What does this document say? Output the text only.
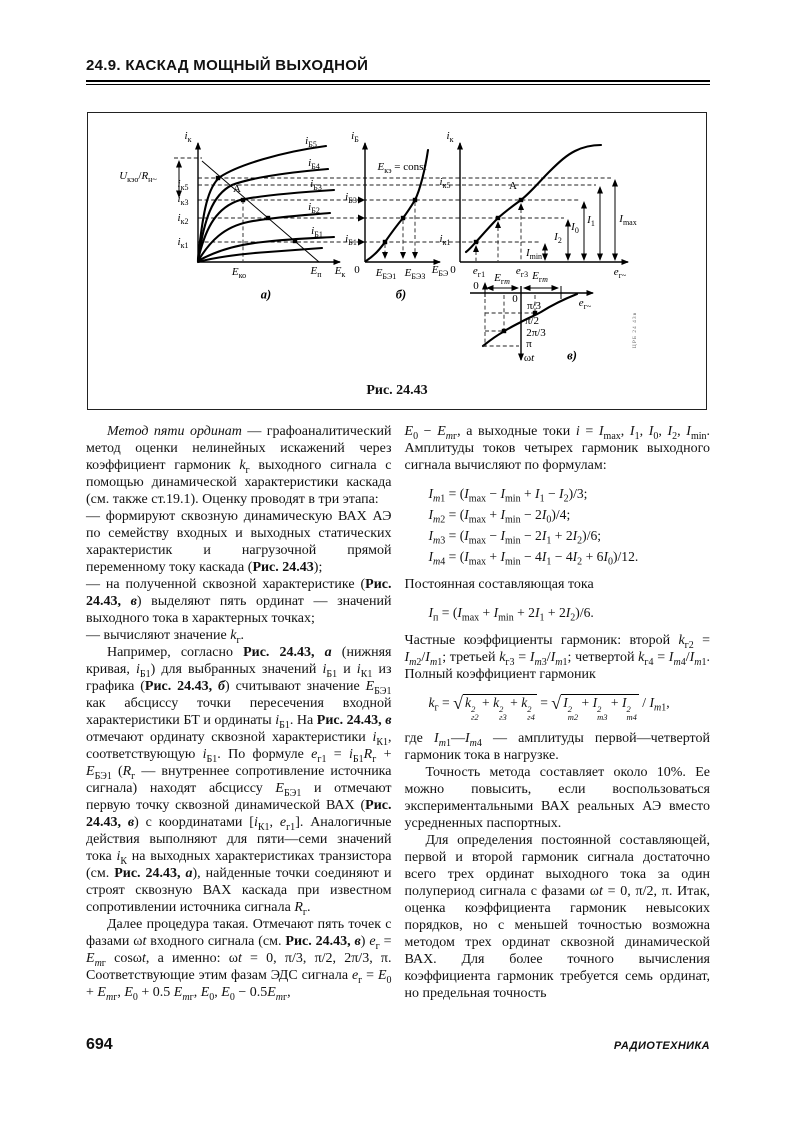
24.9. КАСКАД МОЩНЫЙ ВЫХОДНОЙ
$i_к$
$U_{кэо}/R_{н\sim}$ $i_{к5}$
$i_{к3}$
$i_{к2}$
$i_{к1}$
$i_{Б5}$
$i_{Б4}$
$i_{Б3}$
$i_{Б2}$
$i_{Б1}$
A
$Е_{ко}$	$Е_п$ $Е_к$
а)
$i_Б$
$Е_{кэ}$ = const
$i_{Б3}$
$i_{Б1}$
0 $Е_{БЭ1}$ $Е_{БЭЗ}$
$Е_{БЭ}$
б)
$i_к$
$i_{к5}$
$i_{к1}$
A
0 $е_{г1}$	$е_{г3}$	$е_{г\sim}$
$I_{min}$
$I_2$
$I_0$
$I_1$ $I_{max}$
0
$Е_{гm}$ $Е_{гm}$
0
π/3
π/2
2π/3
π
ωt
$е_{г\sim}$
в)
ЦРБ 24 43в
Рис. 24.43

Метод пяти ординат — графоаналитический метод оценки нелинейных искажений через коэффициент гармоник $k_г$ выходного сигнала с помощью динамической характеристики каскада (см. также ст.19.1). Оценку проводят в три этапа:

— формируют сквозную динамическую ВАХ АЭ по семейству входных и выходных статических характеристик и нагрузочной прямой переменному току каскада (Рис. 24.43);

— на полученной сквозной характеристике (Рис. 24.43, в) выделяют пять ординат — значений выходного тока в характерных точках;

— вычисляют значение $k_г$.

Например, согласно Рис. 24.43, а (нижняя кривая, $i_{Б1}$) для выбранных значений $i_{Б1}$ и $i_{К1}$ из графика (Рис. 24.43, б) считывают значение $Е_{БЭ1}$ как абсциссу точки пересечения входной характеристики БТ и ординаты $i_{Б1}$. На Рис. 24.43, в отмечают ординату сквозной характеристики $i_{К1}$, соответствующую $i_{Б1}$. По формуле $е_{г1} = i_{Б1}R_г + Е_{БЭ1}$ ($R_г$ — внутреннее сопротивление источника сигнала) находят абсциссу $Е_{БЭ1}$ и отмечают первую точку сквозной динамической ВАХ (Рис. 24.43, в) с координатами [$i_{К1}$, $е_{г1}$]. Аналогичные действия выполняют для пяти—семи значений тока $i_К$ на выходных характеристиках транзистора (см. Рис. 24.43, а), найденные точки соединяют и строят сквозную ВАХ каскада при известном сопротивлении источника сигнала $R_г$.

Далее процедура такая. Отмечают пять точек с фазами ωt входного сигнала (см. Рис. 24.43, в) $е_г = Е_{mг}$ cosωt, а именно: ωt = 0, π/3, π/2, 2π/3, π. Соответствующие этим фазам ЭДС сигнала $е_г = Е_0 + Е_{mг}$, $Е_0 + 0.5$ $Е_{mг}$, $Е_0$, $Е_0 - 0.5Е_{mг}$,

$Е_0 - Е_{mг}$, а выходные токи $i = I_{max}$, $I_1$, $I_0$, $I_2$, $I_{min}$. Амплитуды токов четырех гармоник выходного сигнала вычисляют по формулам:

$I_{m1} = (I_{max} - I_{min} + I_1 - I_2)/3$;
$I_{m2} = (I_{max} + I_{min} - 2I_0)/4$;
$I_{m3} = (I_{max} - I_{min} - 2I_1 + 2I_2)/6$;
$I_{m4} = (I_{max} + I_{min} - 4I_1 - 4I_2 + 6I_0)/12$.

Постоянная составляющая тока

$I_п = (I_{max} + I_{min} + 2I_1 + 2I_2)/6$.

Частные коэффициенты гармоник: второй $k_{г2} = I_{m2}/I_{m1}$; третьей $k_{г3} = I_{m3}/I_{m1}$; четвертой $k_{г4} = I_{m4}/I_{m1}$. Полный коэффициент гармоник

$k_г$ = √ k 2
г2
+ k 2
г3
+ k 2
г4
= √ I 2
m2
+ I 2
m3
+ I 2
m4
/ $I_{m1}$,

где $I_{m1}—I_{m4}$ — амплитуды первой—четвертой гармоник тока в нагрузке.

Точность метода составляет около 10%. Ее можно повысить, если воспользоваться экспериментальными ВАХ реальных АЭ вместо усредненных паспортных.

Для определения постоянной составляющей, первой и второй гармоник сигнала достаточно всего трех ординат выходного тока за один полупериод сигнала с фазами ωt = 0, π/2, π. Итак, оценка коэффициента гармоник невысоких порядков, но с меньшей точностью возможна методом трех ординат сквозной динамической ВАХ. Для более точного вычисления коэффициента гармоник требуется семь ординат, но предельная точность

694	РАДИОТЕХНИКА
